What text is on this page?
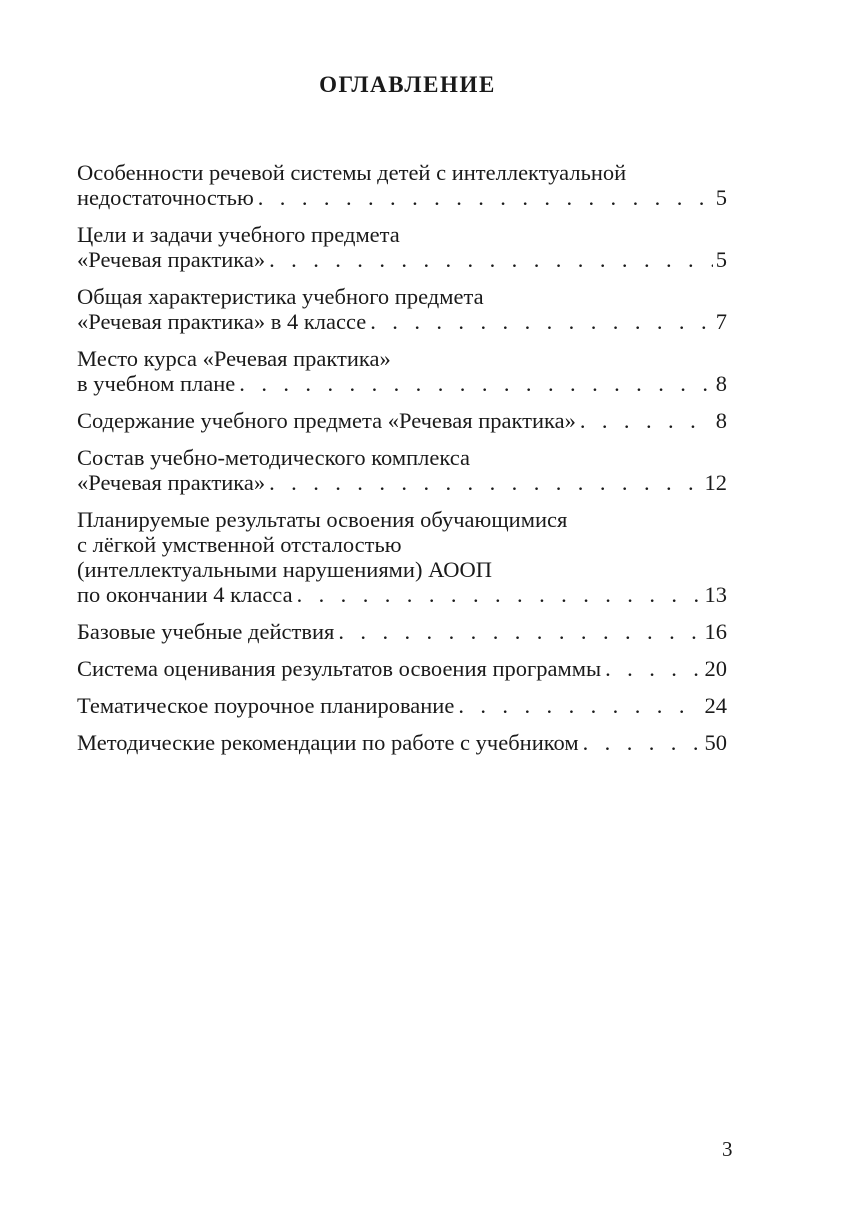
ОГЛАВЛЕНИЕ
Особенности речевой системы детей с интеллектуальной
недостаточностью . . .	5
Цели и задачи учебного предмета
«Речевая практика» . . .	5
Общая характеристика учебного предмета
«Речевая практика» в 4 классе . . .	7
Место курса «Речевая практика»
в учебном плане . . .	8
Содержание учебного предмета «Речевая практика» . . .	8
Состав учебно-методического комплекса
«Речевая практика» . . .	12
Планируемые результаты освоения обучающимися
с лёгкой умственной отсталостью
(интеллектуальными нарушениями) АООП
по окончании 4 класса . . .	13
Базовые учебные действия . . .	16
Система оценивания результатов освоения программы . . .	20
Тематическое поурочное планирование . . .	24
Методические рекомендации по работе с учебником . . .	50
3
